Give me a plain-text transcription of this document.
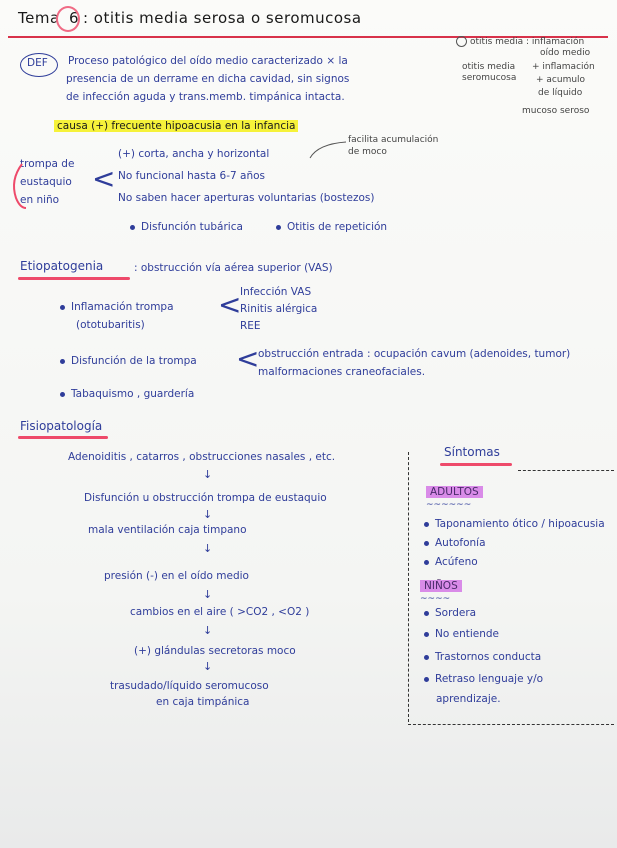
Tema 6 : otitis media serosa o seromucosa
otitis media : inflamación
oído medio
otitis media
seromucosa
+ inflamación
+ acumulo
de líquido
mucoso seroso
DEF Proceso patológico del oído medio caracterizado × la
presencia de un derrame en dicha cavidad, sin signos
de infección aguda y trans.memb. timpánica intacta.
causa (+) frecuente hipoacusia en la infancia
facilita acumulación
de moco
trompa de
eustaquio
en niño
<
(+) corta, ancha y horizontal
No funcional hasta 6-7 años
No saben hacer aperturas voluntarias (bostezos)
Disfunción tubárica	Otitis de repetición
Etiopatogenia	: obstrucción vía aérea superior (VAS)
Inflamación trompa
(ototubaritis)
<
Infección VAS
Rinitis alérgica
REE
Disfunción de la trompa <
obstrucción entrada : ocupación cavum (adenoides, tumor)
malformaciones craneofaciales.
Tabaquismo , guardería
Fisiopatología
Adenoiditis , catarros , obstrucciones nasales , etc.
↓
Disfunción u obstrucción trompa de eustaquio
↓
mala ventilación caja timpano
↓
presión (-) en el oído medio
↓
cambios en el aire ( >CO2 , <O2 )
↓
(+) glándulas secretoras moco
↓
trasudado/líquido seromucoso
en caja timpánica
Síntomas
ADULTOS
~~~~~~
Taponamiento ótico / hipoacusia
Autofonía
Acúfeno
NIÑOS
~~~~
Sordera
No entiende
Trastornos conducta
Retraso lenguaje y/o
aprendizaje.
